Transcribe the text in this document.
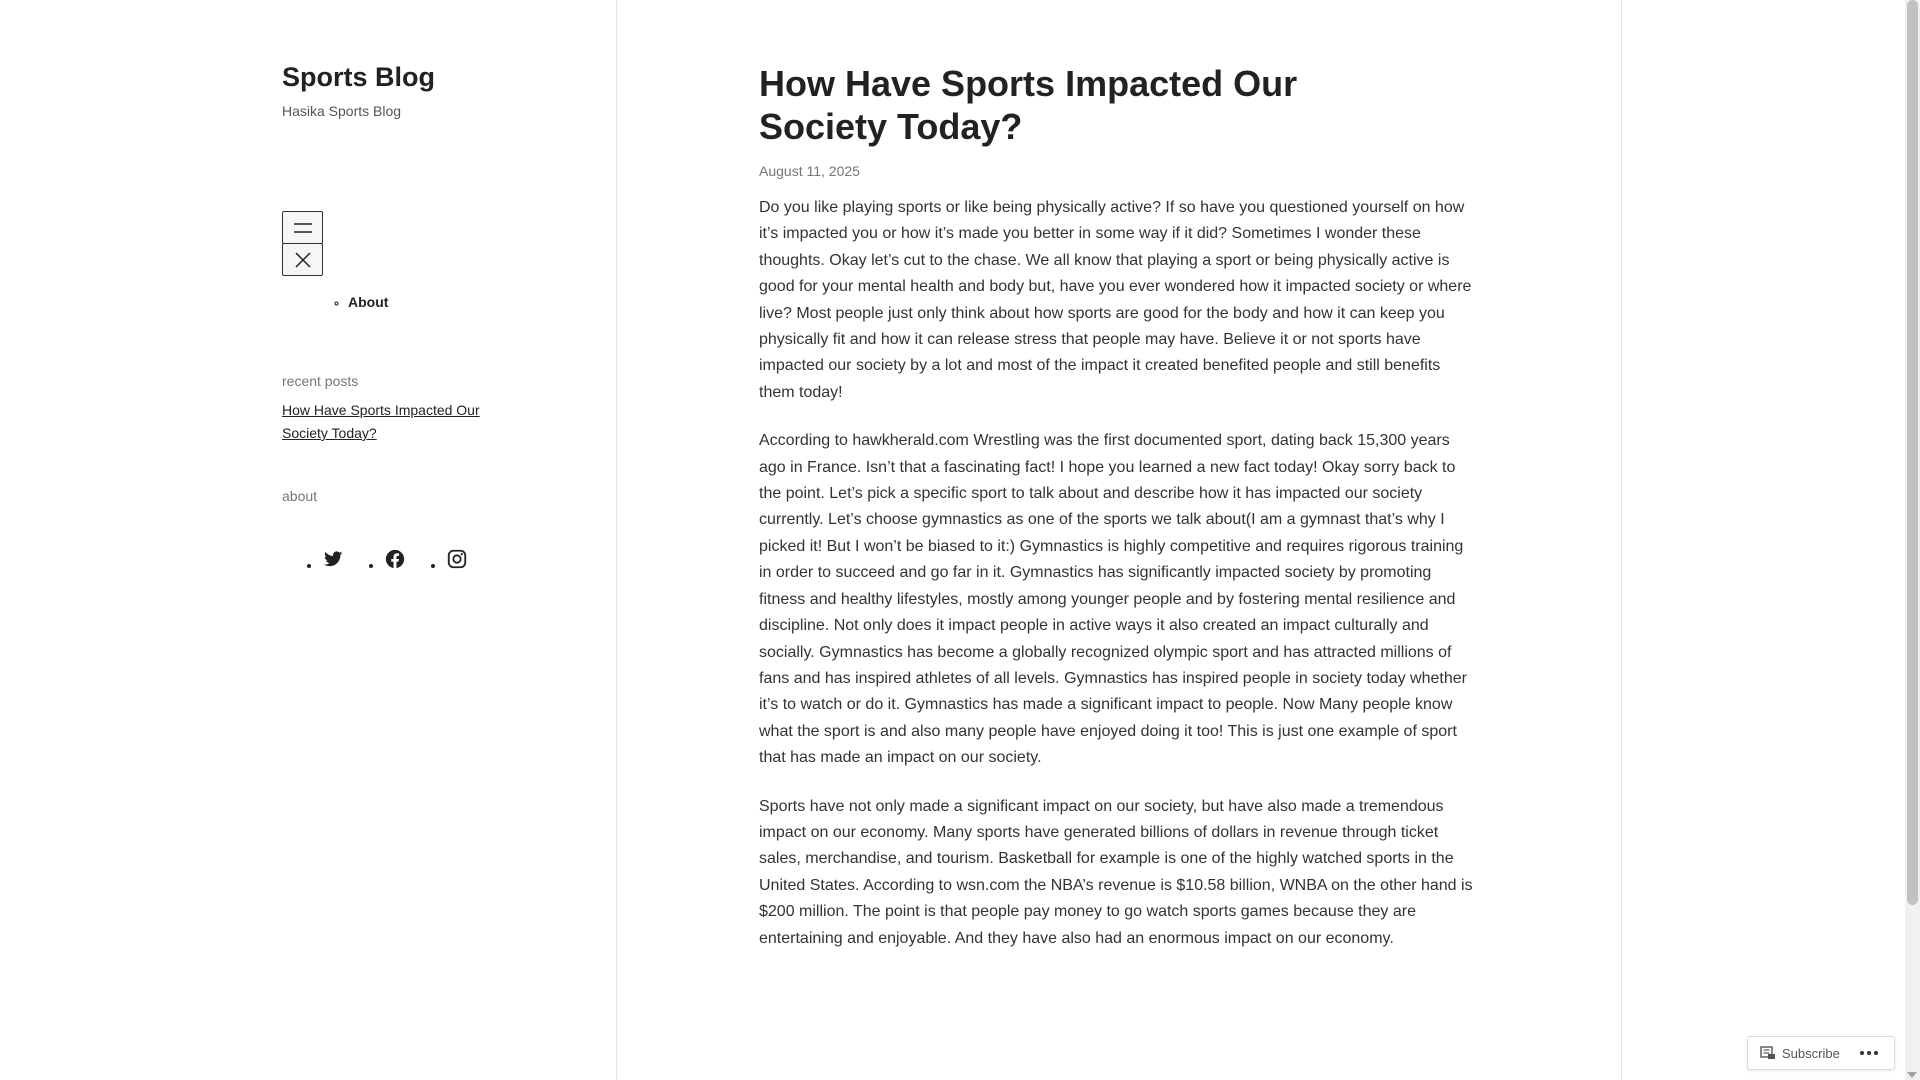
Sports Blog
Hasika Sports Blog
◦ About
recent posts
How Have Sports Impacted Our Society Today?
about
How Have Sports Impacted Our Society Today?
August 11, 2025

Do you like playing sports or like being physically active? If so have you questioned yourself on how it’s impacted you or how it’s made you better in some way if it did? Sometimes I wonder these thoughts. Okay let’s cut to the chase. We all know that playing a sport or being physically active is good for your mental health and body but, have you ever wondered how it impacted society or where live? Most people just only think about how sports are good for the body and how it can keep you physically fit and how it can release stress that people may have. Believe it or not sports have impacted our society by a lot and most of the impact it created benefited people and still benefits them today!

According to hawkherald.com Wrestling was the first documented sport, dating back 15,300 years ago in France. Isn’t that a fascinating fact! I hope you learned a new fact today! Okay sorry back to the point. Let’s pick a specific sport to talk about and describe how it has impacted our society currently. Let’s choose gymnastics as one of the sports we talk about(I am a gymnast that’s why I picked it! But I won’t be biased to it:) Gymnastics is highly competitive and requires rigorous training in order to succeed and go far in it. Gymnastics has significantly impacted society by promoting fitness and healthy lifestyles, mostly among younger people and by fostering mental resilience and discipline. Not only does it impact people in active ways it also created an impact culturally and socially. Gymnastics has become a globally recognized olympic sport and has attracted millions of fans and has inspired athletes of all levels. Gymnastics has inspired people in society today whether it’s to watch or do it. Gymnastics has made a significant impact to people. Now Many people know what the sport is and also many people have enjoyed doing it too! This is just one example of sport that has made an impact on our society.

Sports have not only made a significant impact on our society, but have also made a tremendous impact on our economy. Many sports have generated billions of dollars in revenue through ticket sales, merchandise, and tourism. Basketball for example is one of the highly watched sports in the United States. According to wsn.com the NBA’s revenue is $10.58 billion, WNBA on the other hand is $200 million. The point is that people pay money to go watch sports games because they are entertaining and enjoyable. And they have also had an enormous impact on our economy.

Subscribe
